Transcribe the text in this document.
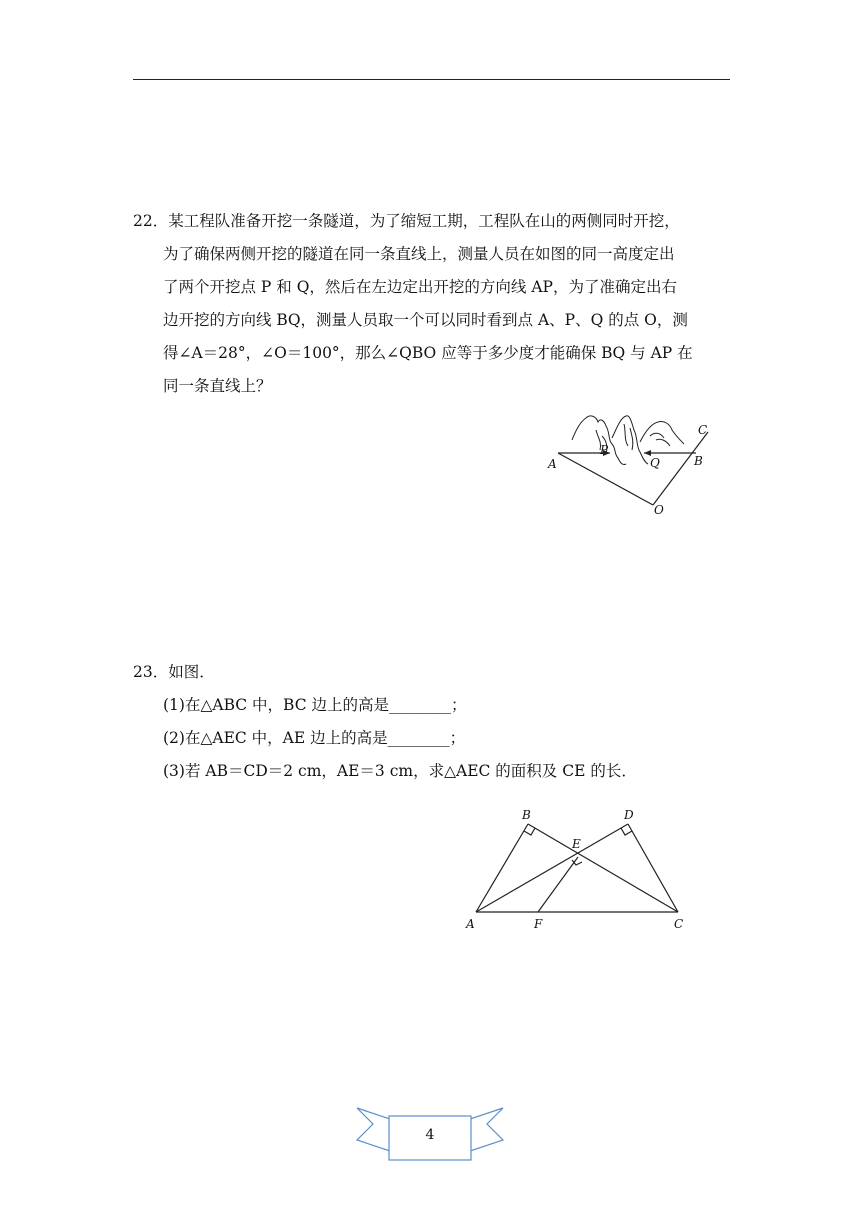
22．某工程队准备开挖一条隧道，为了缩短工期，工程队在山的两侧同时开挖，
为了确保两侧开挖的隧道在同一条直线上，测量人员在如图的同一高度定出
了两个开挖点 P 和 Q，然后在左边定出开挖的方向线 AP，为了准确定出右
边开挖的方向线 BQ，测量人员取一个可以同时看到点 A、P、Q 的点 O，测
得∠A＝28°，∠O＝100°，那么∠QBO 应等于多少度才能确保 BQ 与 AP 在
同一条直线上？
A
P
Q	B
C
O
23．如图．
(1)在△ABC 中，BC 边上的高是________；
(2)在△AEC 中，AE 边上的高是________；
(3)若 AB＝CD＝2 cm，AE＝3 cm，求△AEC 的面积及 CE 的长．
A
B
C
D
E
F
4
